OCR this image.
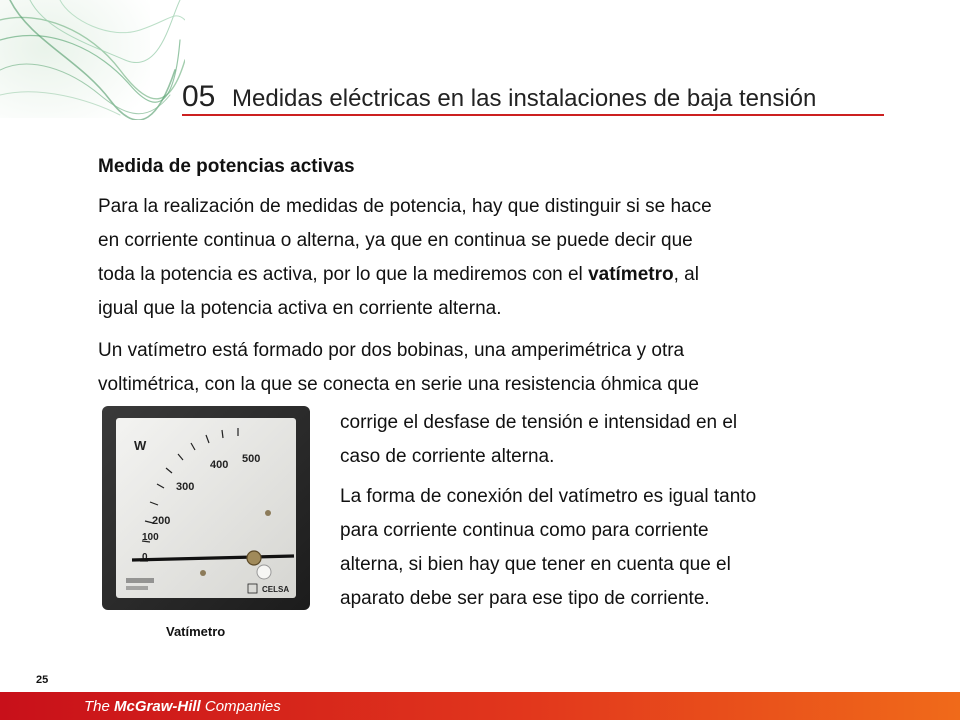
05 Medidas eléctricas en las instalaciones de baja tensión
Medida de potencias activas
Para la realización de medidas de potencia, hay que distinguir si se hace
en corriente continua o alterna, ya que en continua se puede decir que
toda la potencia es activa, por lo que la mediremos con el vatímetro, al
igual que la potencia activa en corriente alterna.
Un vatímetro está formado por dos bobinas, una amperimétrica y otra
voltimétrica, con la que se conecta en serie una resistencia óhmica que
corrige el desfase de tensión e intensidad en el
caso de corriente alterna.
La forma de conexión del vatímetro es igual tanto
para corriente continua como para corriente
alterna, si bien hay que tener en cuenta que el
aparato debe ser para ese tipo de corriente.
W
0
100
200
300
400 500
CELSA
Vatímetro
25
The McGraw-Hill Companies
